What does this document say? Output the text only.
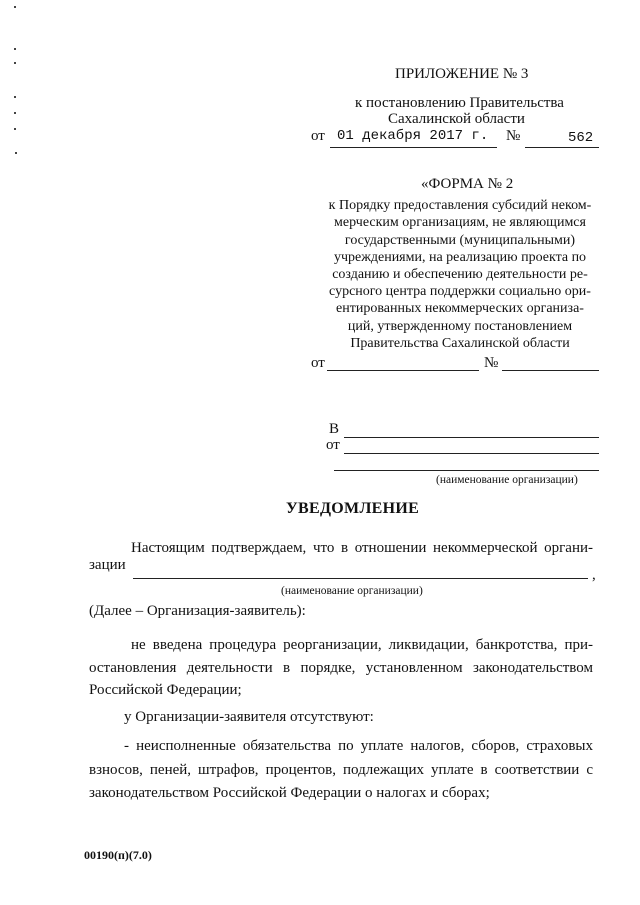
ПРИЛОЖЕНИЕ № 3
к постановлению Правительства
Сахалинской области
от 01 декабря 2017 г. №	562
«ФОРМА № 2
к Порядку предоставления субсидий неком-
мерческим организациям, не являющимся
государственными (муниципальными)
учреждениями, на реализацию проекта по
созданию и обеспечению деятельности ре-
сурсного центра поддержки социально ори-
ентированных некоммерческих организа-
ций, утвержденному постановлением
Правительства Сахалинской области
от	№
В
от
(наименование организации)
УВЕДОМЛЕНИЕ
Настоящим подтверждаем, что в отношении некоммерческой органи-
зации
,
(наименование организации)
(Далее – Организация-заявитель):
не введена процедура реорганизации, ликвидации, банкротства, при-
остановления деятельности в порядке, установленном законодательством
Российской Федерации;
у Организации-заявителя отсутствуют:
- неисполненные обязательства по уплате налогов, сборов, страховых
взносов, пеней, штрафов, процентов, подлежащих уплате в соответствии с
законодательством Российской Федерации о налогах и сборах;
00190(п)(7.0)
